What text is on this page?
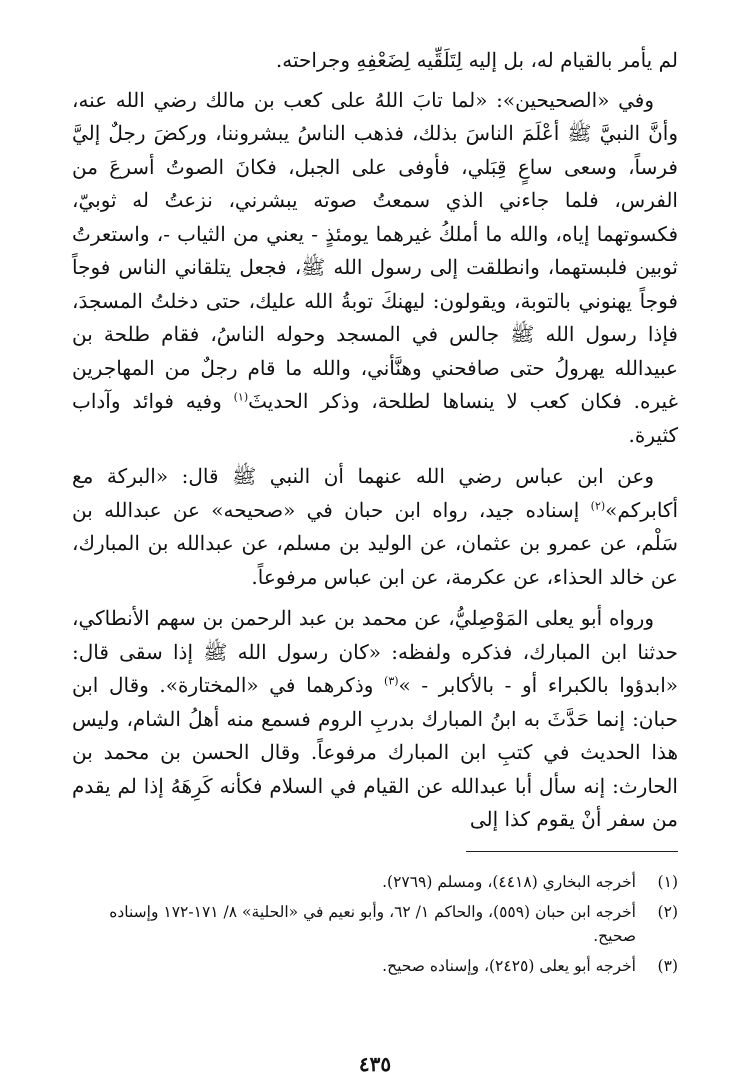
لم يأمر بالقيام له، بل إليه لِتَلَقِّيه لِضَعْفِهِ وجراحته.

وفي «الصحيحين»: «لما تابَ اللهُ على كعب بن مالك رضي الله عنه، وأنَّ النبيَّ ﷺ أعْلَمَ الناسَ بذلك، فذهب الناسُ يبشروننا، وركضَ رجلٌ إليَّ فرساً، وسعى ساعٍ قِبَلي، فأوفى على الجبل، فكانَ الصوتُ أسرعَ من الفرس، فلما جاءني الذي سمعتُ صوته يبشرني، نزعتُ له ثوبيّ، فكسوتهما إياه، والله ما أملكُ غيرهما يومئذٍ - يعني من الثياب -، واستعرتُ ثوبين فلبستهما، وانطلقت إلى رسول الله ﷺ، فجعل يتلقاني الناس فوجاً فوجاً يهنوني بالتوبة، ويقولون: ليهنكَ توبةُ الله عليك، حتى دخلتُ المسجدَ، فإذا رسول الله ﷺ جالس في المسجد وحوله الناسُ، فقام طلحة بن عبيدالله يهرولُ حتى صافحني وهنَّأني، والله ما قام رجلٌ من المهاجرين غيره. فكان كعب لا ينساها لطلحة، وذكر الحديثَ$^{(١)}$ وفيه فوائد وآداب كثيرة.

وعن ابن عباس رضي الله عنهما أن النبي ﷺ قال: «البركة مع أكابركم»$^{(٢)}$ إسناده جيد، رواه ابن حبان في «صحيحه» عن عبدالله بن سَلْم، عن عمرو بن عثمان، عن الوليد بن مسلم، عن عبدالله بن المبارك، عن خالد الحذاء، عن عكرمة، عن ابن عباس مرفوعاً.

ورواه أبو يعلى المَوْصِليُّ، عن محمد بن عبد الرحمن بن سهم الأنطاكي، حدثنا ابن المبارك، فذكره ولفظه: «كان رسول الله ﷺ إذا سقى قال: «ابدؤوا بالكبراء أو - بالأكابر - »$^{(٣)}$ وذكرهما في «المختارة». وقال ابن حبان: إنما حَدَّثَ به ابنُ المبارك بدربِ الروم فسمع منه أهلُ الشام، وليس هذا الحديث في كتبِ ابن المبارك مرفوعاً. وقال الحسن بن محمد بن الحارث: إنه سأل أبا عبدالله عن القيام في السلام فكأنه كَرِهَهُ إذا لم يقدم من سفر أنْ يقوم كذا إلى

(١)
أخرجه البخاري (٤٤١٨)، ومسلم (٢٧٦٩).
(٢)
أخرجه ابن حبان (٥٥٩)، والحاكم ١/ ٦٢، وأبو نعيم في «الحلية» ٨/ ١٧١-١٧٢ وإسناده صحيح.
(٣)
أخرجه أبو يعلى (٢٤٢٥)، وإسناده صحيح.
٤٣٥
